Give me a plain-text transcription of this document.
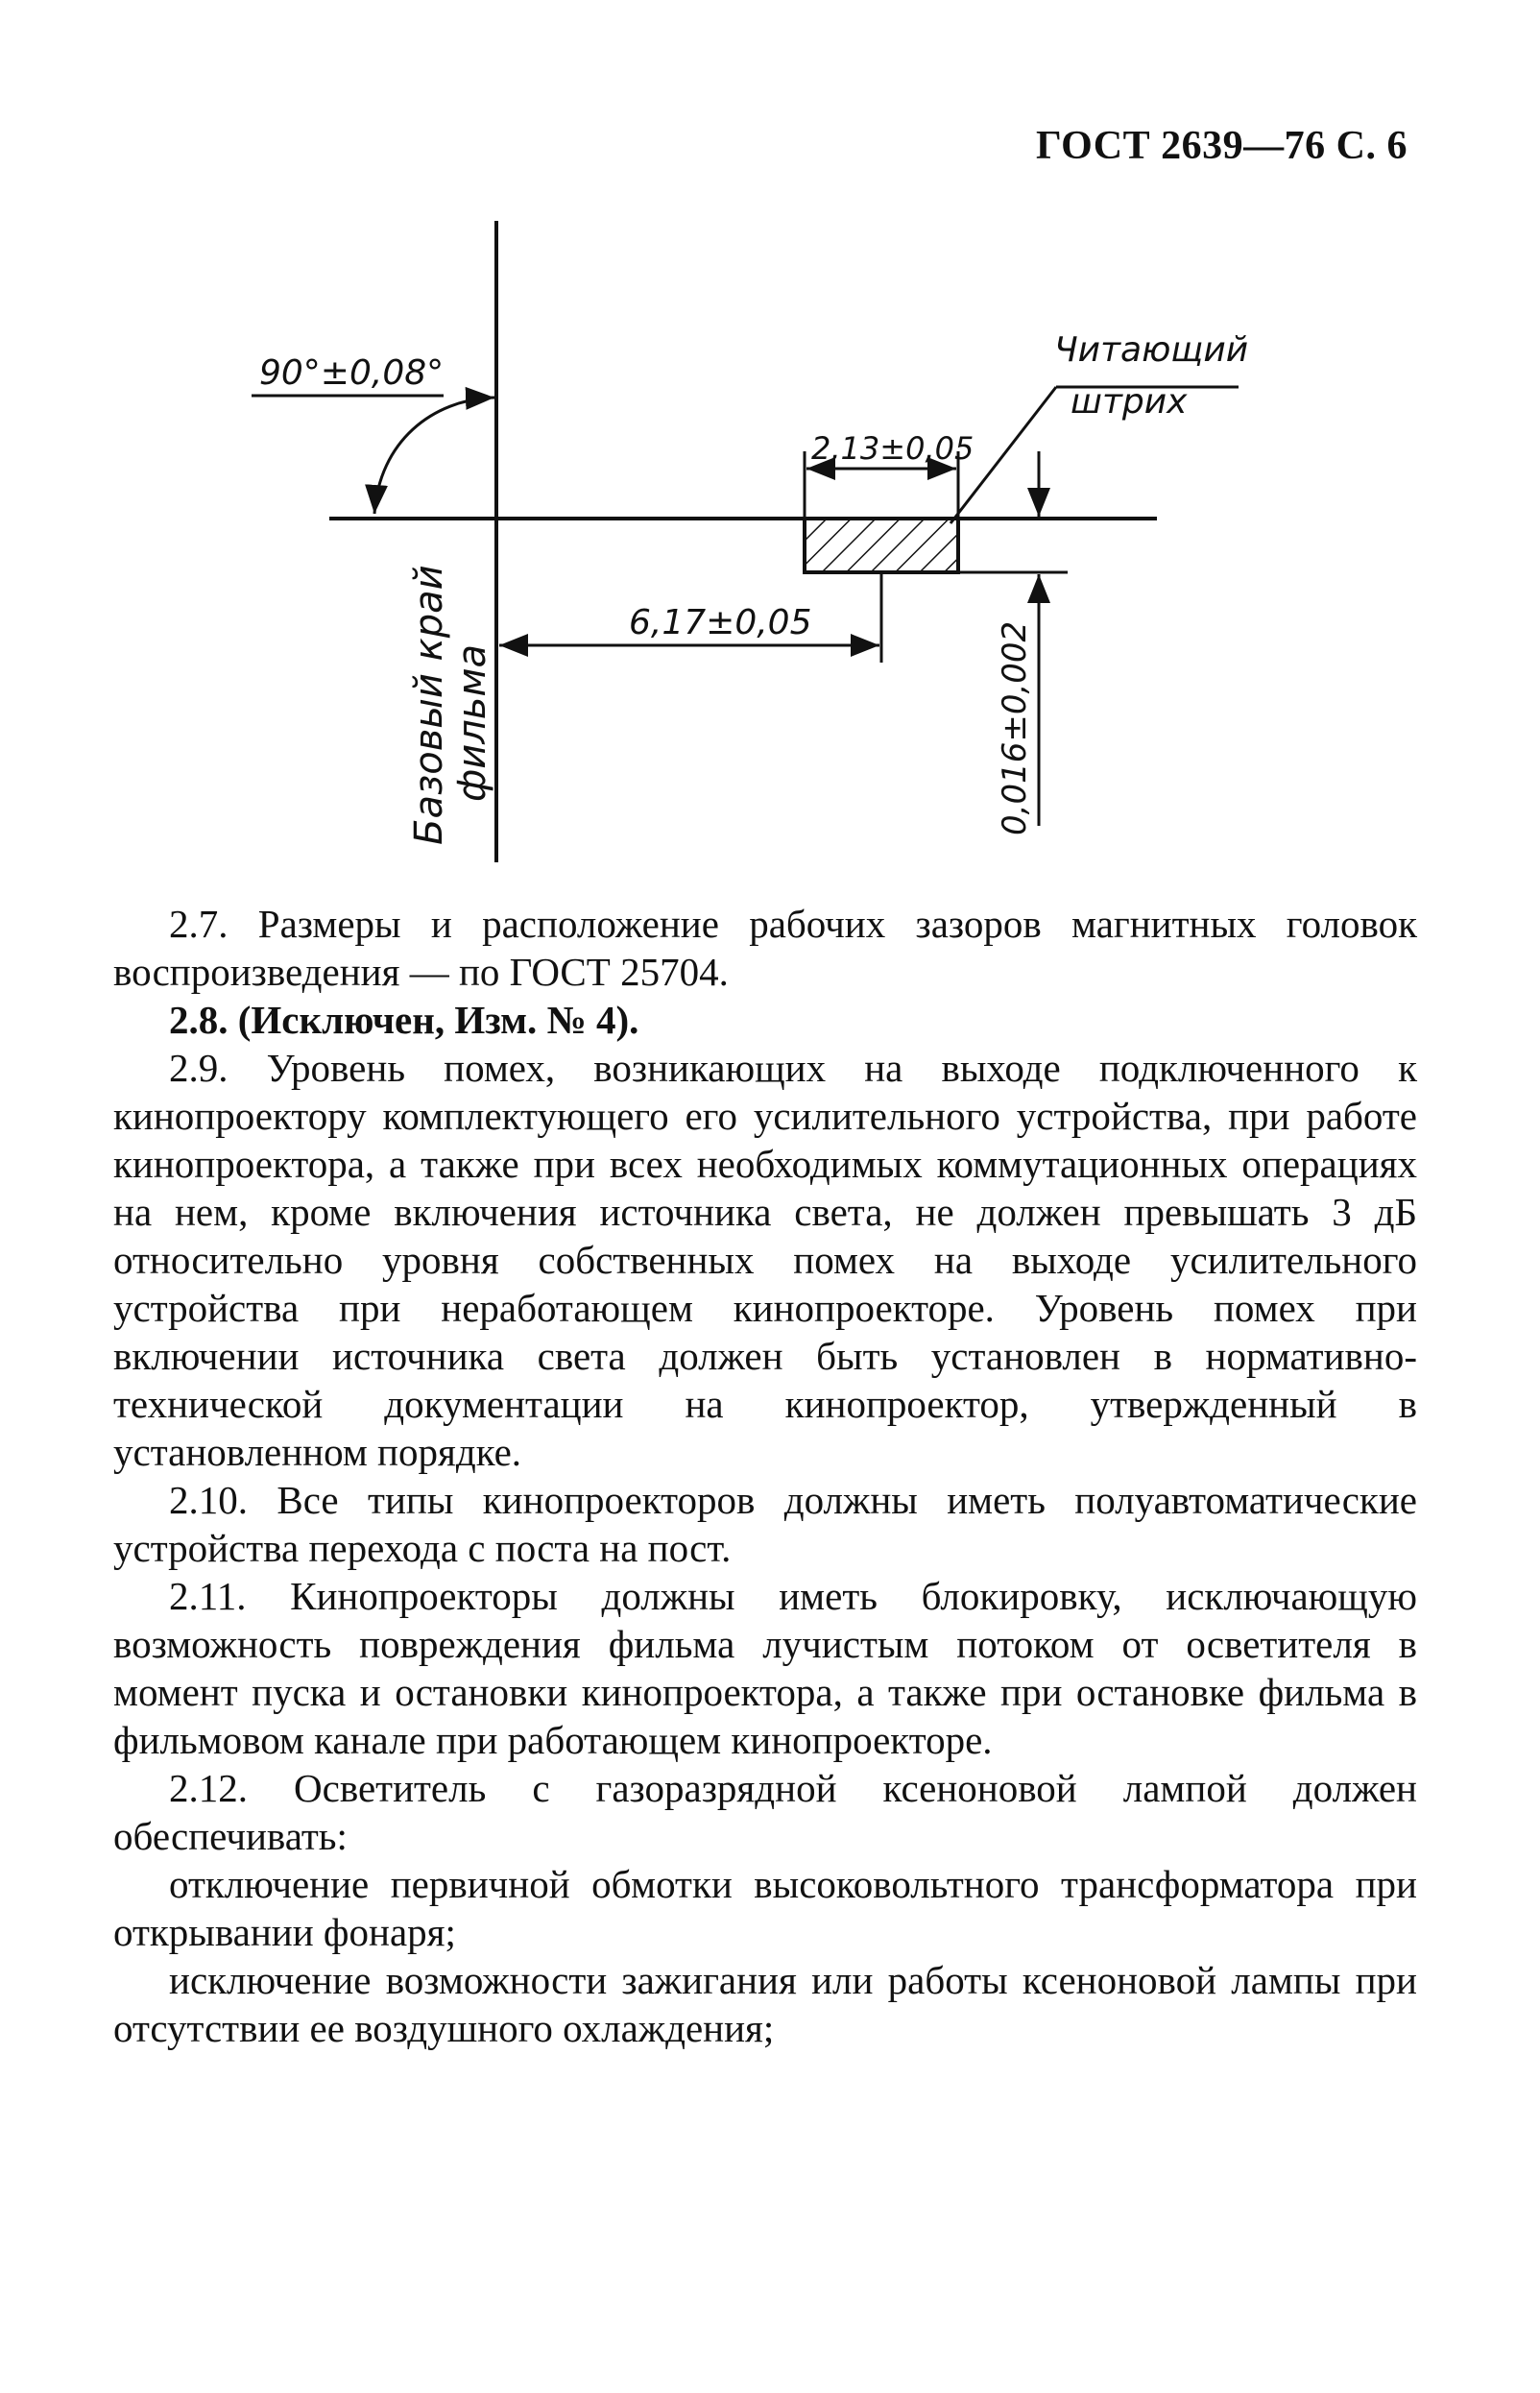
ГОСТ 2639—76 С. 6
90°±0,08°
2,13±0,05
Читающий
штрих
6,17±0,05	0,016±0,002
Базовый край фильма

2.7. Размеры и расположение рабочих зазоров магнитных головок воспроизведения — по ГОСТ 25704.

2.8. (Исключен, Изм. № 4).

2.9. Уровень помех, возникающих на выходе подключенного к кинопроектору комплектующего его усилительного устройства, при работе кинопроектора, а также при всех необходимых коммутационных операциях на нем, кроме включения источника света, не должен превышать 3 дБ относительно уровня собственных помех на выходе усилительного устройства при неработающем кинопроекторе. Уровень помех при включении источника света должен быть установлен в нормативно-технической документации на кинопроектор, утвержденный в установленном порядке.

2.10. Все типы кинопроекторов должны иметь полуавтоматические устройства перехода с поста на пост.

2.11. Кинопроекторы должны иметь блокировку, исключающую возможность повреждения фильма лучистым потоком от осветителя в момент пуска и остановки кинопроектора, а также при остановке фильма в фильмовом канале при работающем кинопроекторе.

2.12. Осветитель с газоразрядной ксеноновой лампой должен обеспечивать:

отключение первичной обмотки высоковольтного трансформатора при открывании фонаря;

исключение возможности зажигания или работы ксеноновой лампы при отсутствии ее воздушного охлаждения;
